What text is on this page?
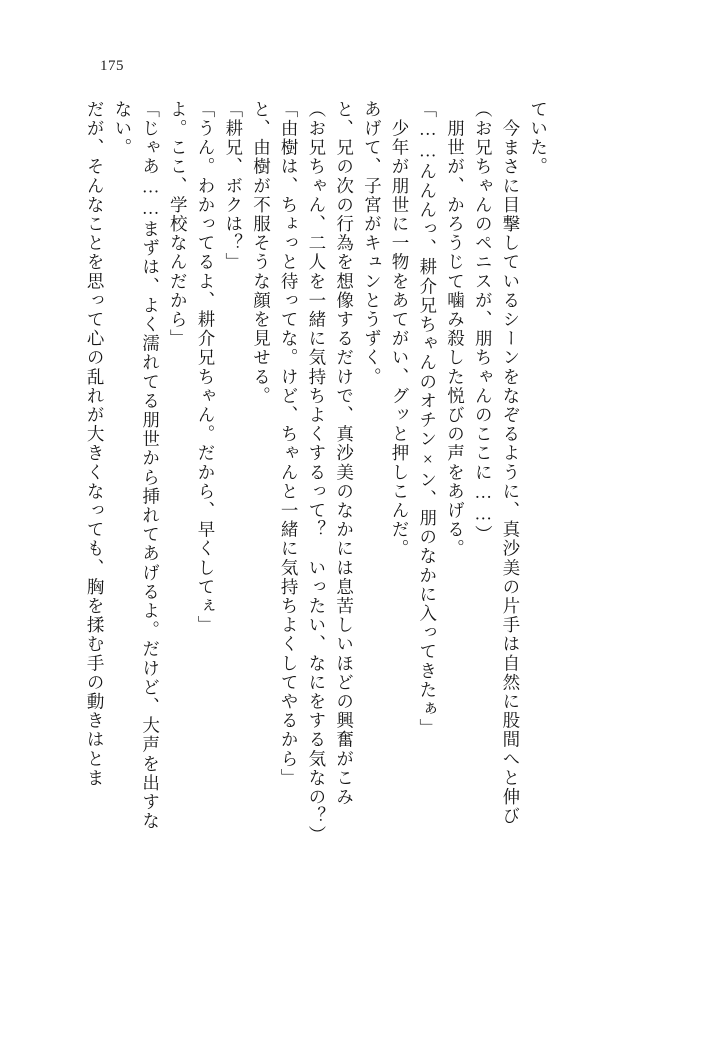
175
だが、そんなことを思って心の乱れが大きくなっても、胸を揉む手の動きはとま ない。 「じゃあ……まずは、よく濡れてる朋世から挿れてあげるよ。だけど、大声を出すな よ。ここ、学校なんだから」 「うん。わかってるよ、耕介兄ちゃん。だから、早くしてぇ」 「耕兄、ボクは？」 と、由樹が不服そうな顔を見せる。 「由樹は、ちょっと待ってな。けど、ちゃんと一緒に気持ちよくしてやるから」 （お兄ちゃん、二人を一緒に気持ちよくするって？　いったい、なにをする気なの？） と、兄の次の行為を想像するだけで、真沙美のなかには息苦しいほどの興奮がこみ あげて、子宮がキュンとうずく。 　少年が朋世に一物をあてがい、グッと押しこんだ。 「……んんんっ、耕介兄ちゃんのオチン×ン、朋のなかに入ってきたぁ」 　朋世が、かろうじて噛み殺した悦びの声をあげる。 （お兄ちゃんのペニスが、朋ちゃんのここに……） 　今まさに目撃しているシーンをなぞるように、真沙美の片手は自然に股間へと伸び ていた。
